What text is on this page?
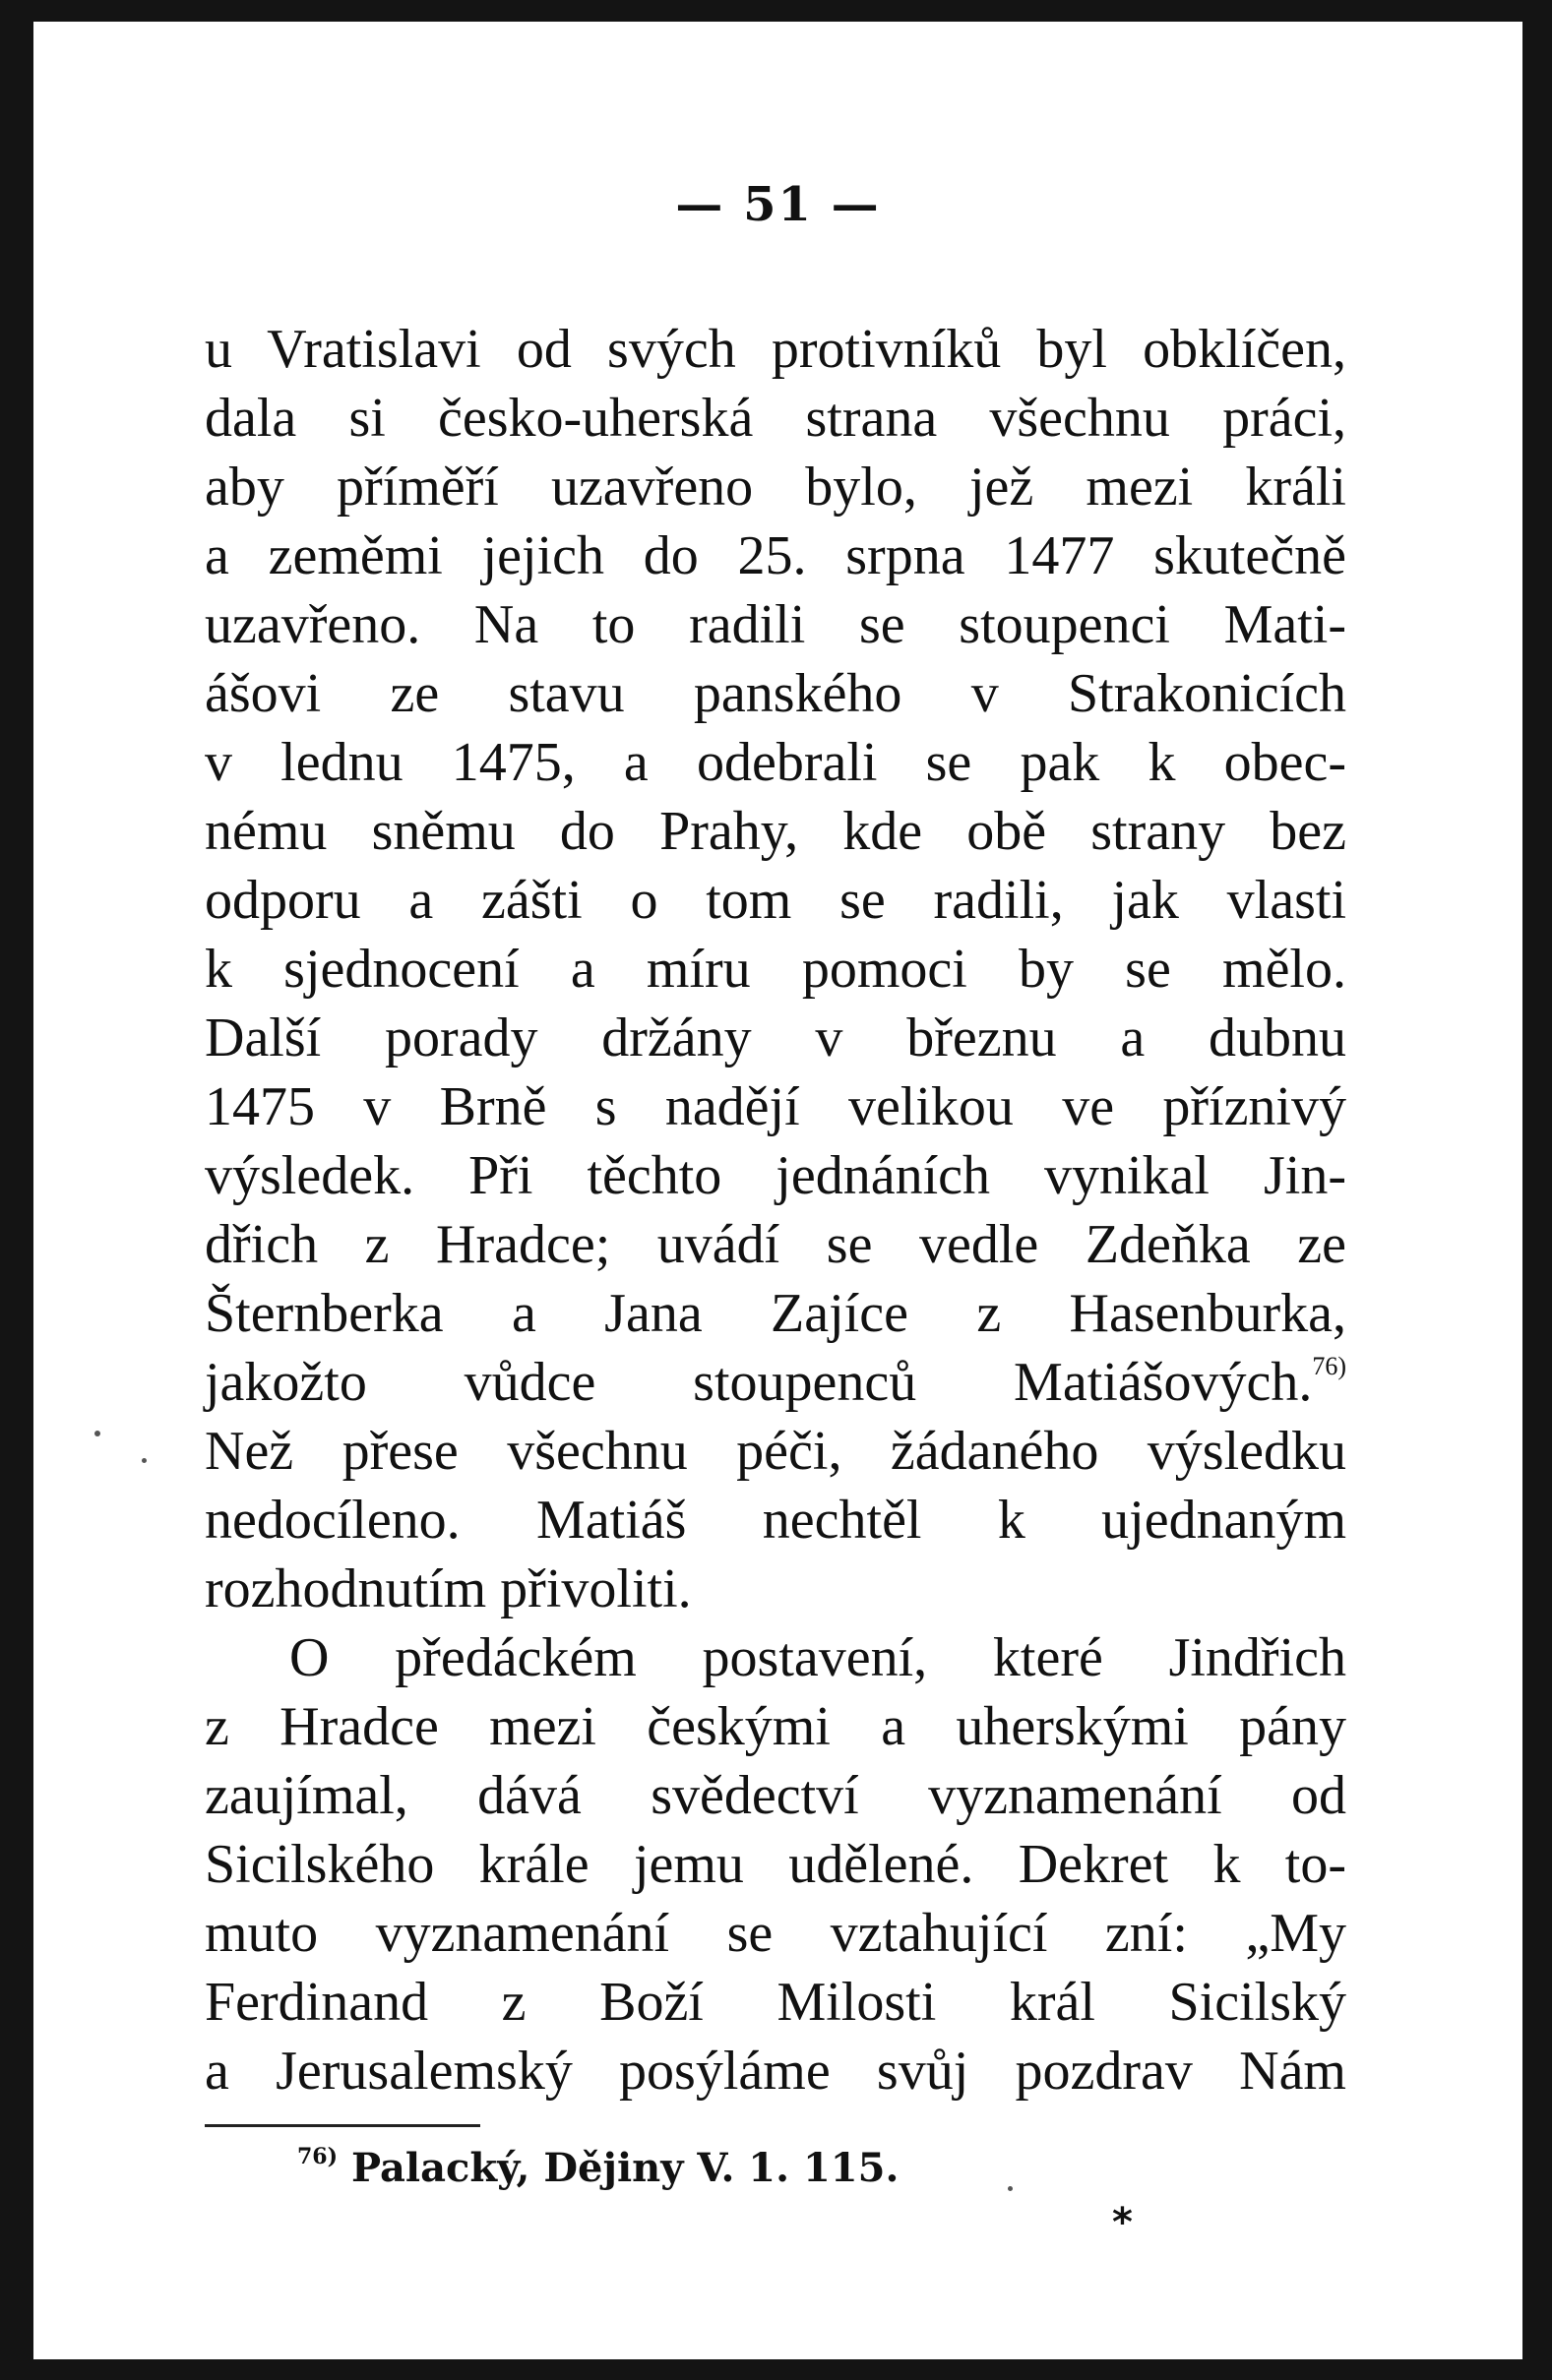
— 51 —
u Vratislavi od svých protivníků byl obklíčen,
dala si česko-uherská strana všechnu práci,
aby příměří uzavřeno bylo, jež mezi králi
a zeměmi jejich do 25. srpna 1477 skutečně
uzavřeno. Na to radili se stoupenci Mati-
ášovi ze stavu panského v Strakonicích
v lednu 1475, a odebrali se pak k obec-
nému sněmu do Prahy, kde obě strany bez
odporu a zášti o tom se radili, jak vlasti
k sjednocení a míru pomoci by se mělo.
Další porady držány v březnu a dubnu
1475 v Brně s nadějí velikou ve příznivý
výsledek. Při těchto jednáních vynikal Jin-
dřich z Hradce; uvádí se vedle Zdeňka ze
Šternberka a Jana Zajíce z Hasenburka,
jakožto vůdce stoupenců Matiášových.$^{76)}$
Než přese všechnu péči, žádaného výsledku
nedocíleno. Matiáš nechtěl k ujednaným
rozhodnutím přivoliti.
O předáckém postavení, které Jindřich
z Hradce mezi českými a uherskými pány
zaujímal, dává svědectví vyznamenání od
Sicilského krále jemu udělené. Dekret k to-
muto vyznamenání se vztahující zní: „My
Ferdinand z Boží Milosti král Sicilský
a Jerusalemský posýláme svůj pozdrav Nám
$^{76)}$ Palacký, Dějiny V. 1. 115.
*
